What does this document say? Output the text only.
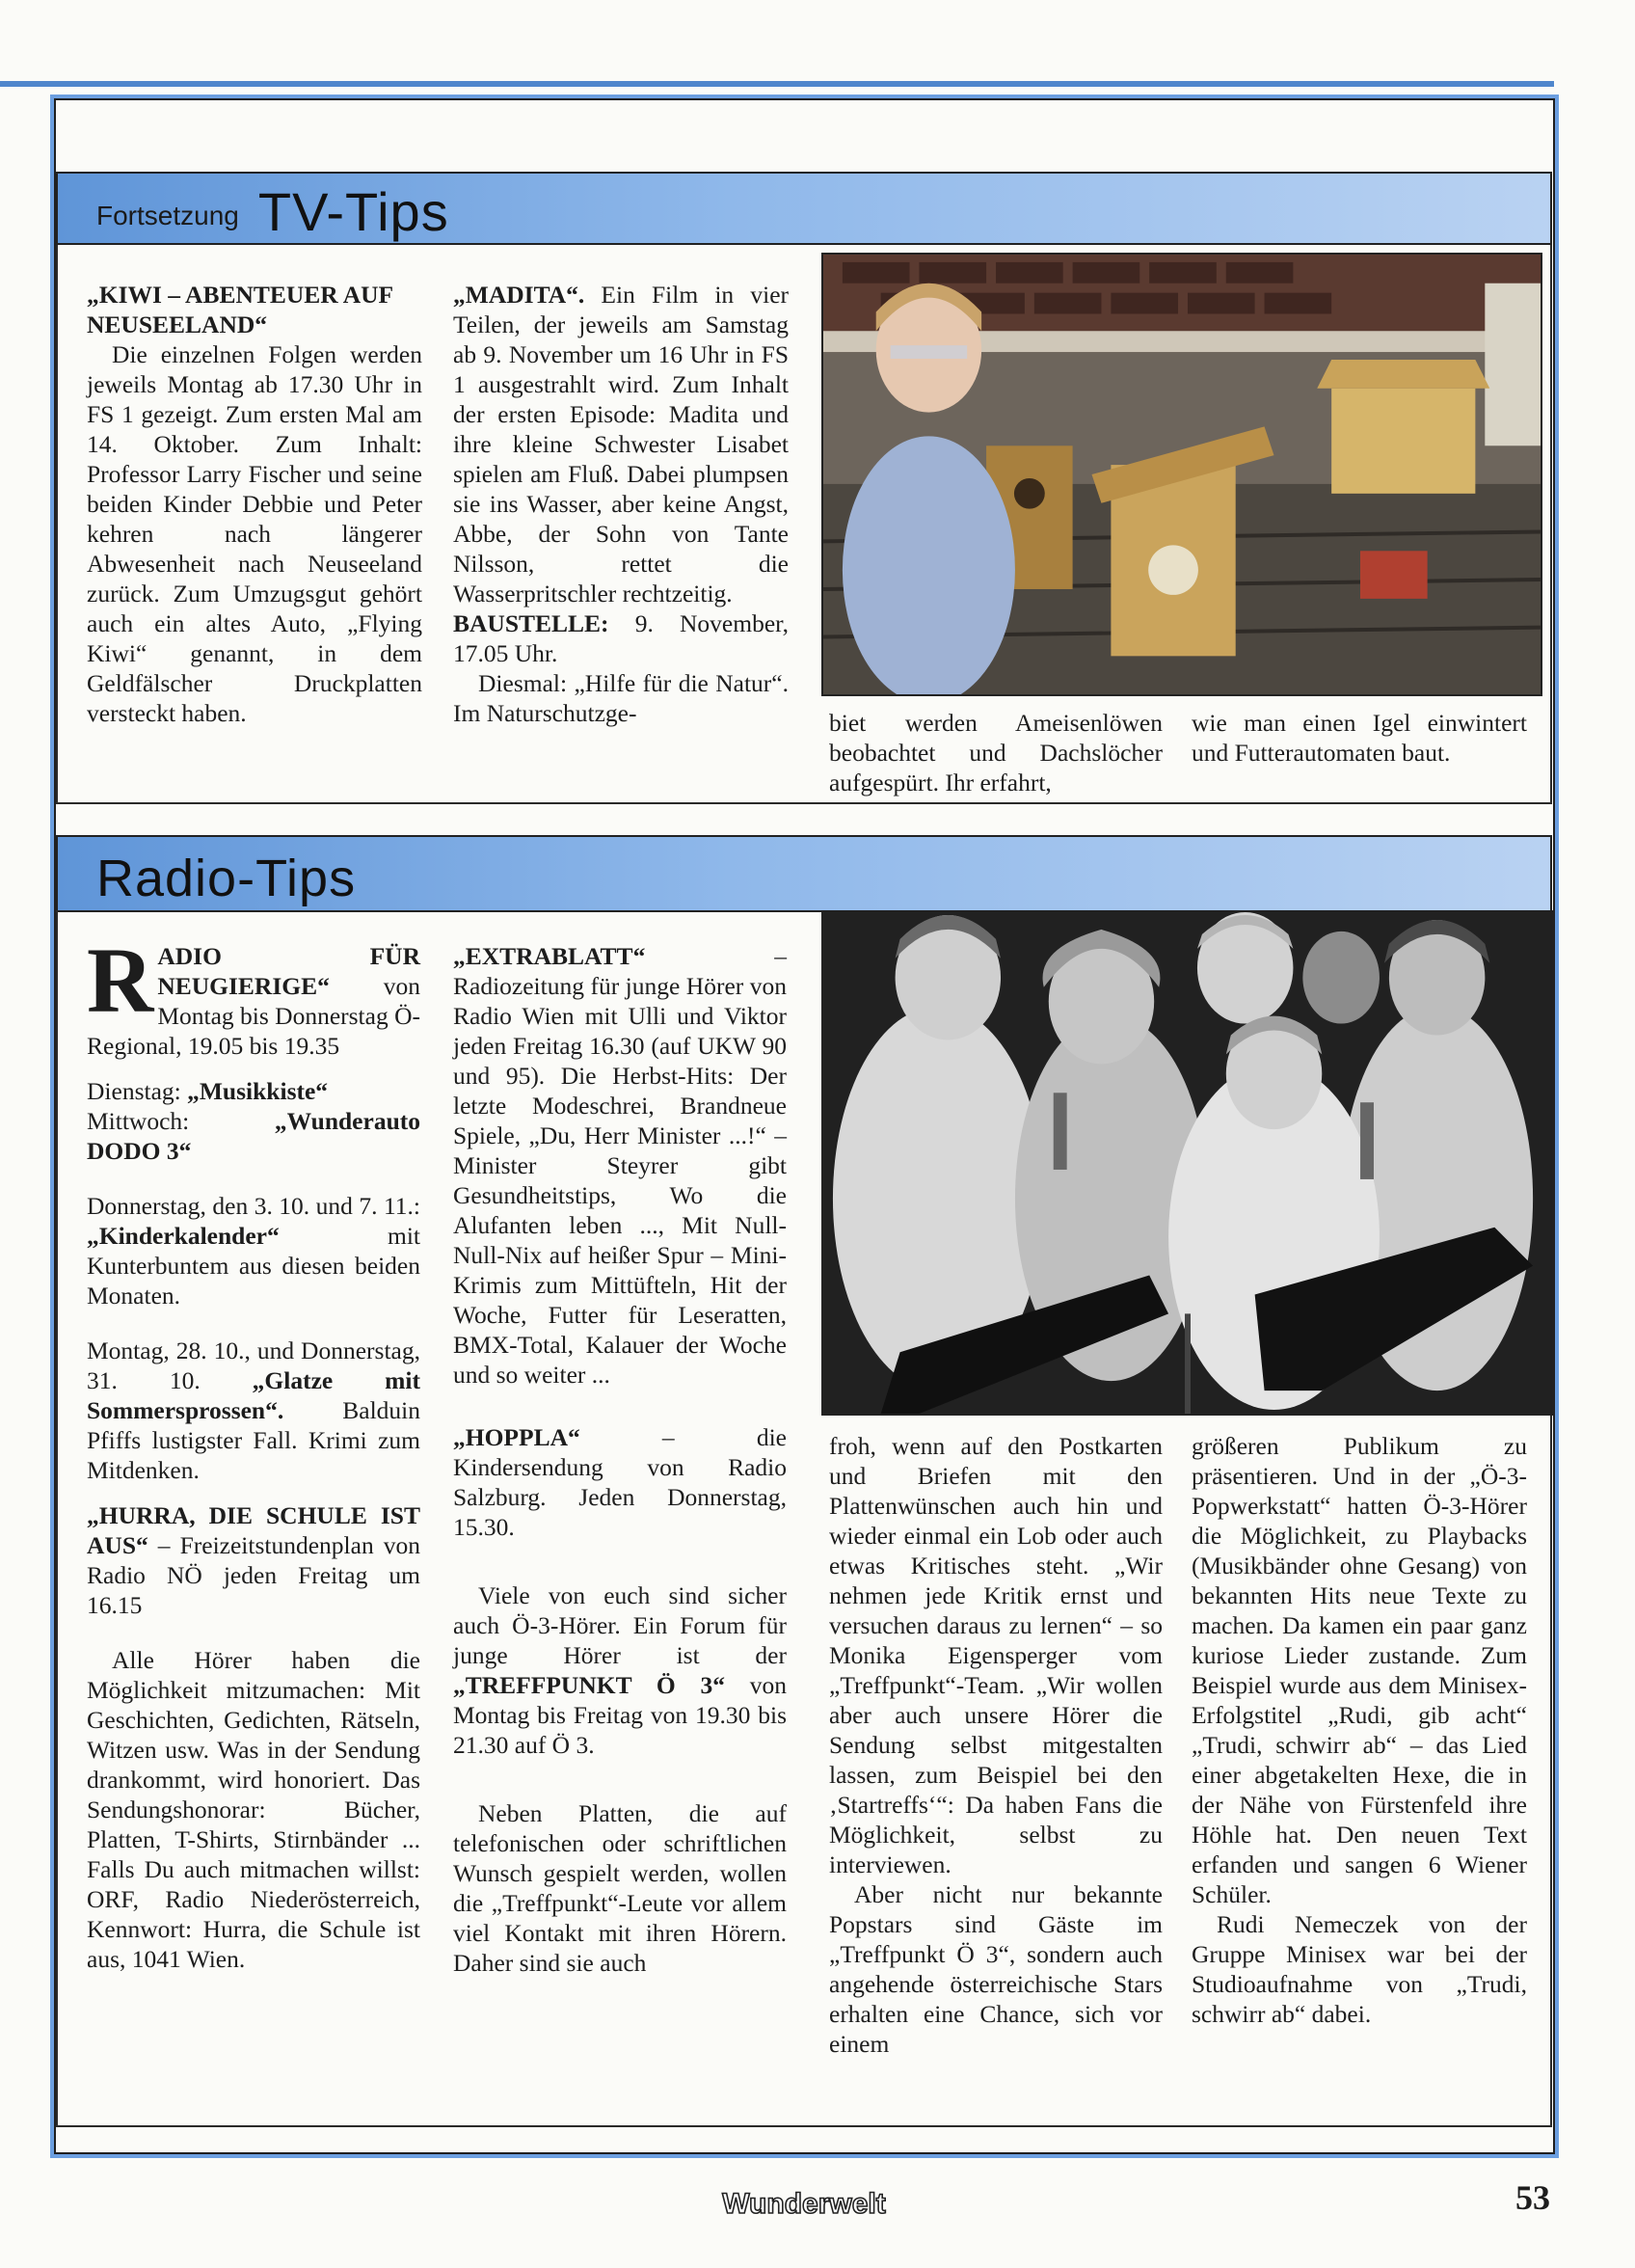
Fortsetzung TV-Tips

„KIWI – ABENTEUER AUF NEUSEELAND“

Die einzelnen Folgen werden jeweils Montag ab 17.30 Uhr in FS 1 gezeigt. Zum ersten Mal am 14. Oktober. Zum Inhalt: Professor Larry Fischer und seine beiden Kinder Debbie und Peter kehren nach längerer Abwesenheit nach Neuseeland zurück. Zum Umzugsgut gehört auch ein altes Auto, „Flying Kiwi“ genannt, in dem Geldfälscher Druckplatten versteckt haben.

„MADITA“. Ein Film in vier Teilen, der jeweils am Samstag ab 9. November um 16 Uhr in FS 1 ausgestrahlt wird. Zum Inhalt der ersten Episode: Madita und ihre kleine Schwester Lisabet spielen am Fluß. Dabei plumpsen sie ins Wasser, aber keine Angst, Abbe, der Sohn von Tante Nilsson, rettet die Wasserpritschler rechtzeitig.

BAUSTELLE: 9. November, 17.05 Uhr.

Diesmal: „Hilfe für die Natur“. Im Naturschutzge-	biet werden Ameisenlöwen beobachtet und Dachslöcher aufgespürt. Ihr erfahrt,

wie man einen Igel einwintert und Futterautomaten baut.

Radio-Tips

RADIO FÜR NEUGIERIGE“ von Montag bis Donnerstag Ö-Regional, 19.05 bis 19.35

Dienstag: „Musikkiste“

Mittwoch: „Wunderauto DODO 3“

Donnerstag, den 3. 10. und 7. 11.: „Kinderkalender“ mit Kunterbuntem aus diesen beiden Monaten.

Montag, 28. 10., und Donnerstag, 31. 10. „Glatze mit Sommersprossen“. Balduin Pfiffs lustigster Fall. Krimi zum Mitdenken.

„HURRA, DIE SCHULE IST AUS“ – Freizeitstundenplan von Radio NÖ jeden Freitag um 16.15

Alle Hörer haben die Möglichkeit mitzumachen: Mit Geschichten, Gedichten, Rätseln, Witzen usw. Was in der Sendung drankommt, wird honoriert. Das Sendungshonorar: Bücher, Platten, T-Shirts, Stirnbänder ... Falls Du auch mitmachen willst: ORF, Radio Niederösterreich, Kennwort: Hurra, die Schule ist aus, 1041 Wien.

„EXTRABLATT“ – Radiozeitung für junge Hörer von Radio Wien mit Ulli und Viktor jeden Freitag 16.30 (auf UKW 90 und 95). Die Herbst-Hits: Der letzte Modeschrei, Brandneue Spiele, „Du, Herr Minister ...!“ – Minister Steyrer gibt Gesundheitstips, Wo die Alufanten leben ..., Mit Null-Null-Nix auf heißer Spur – Mini-Krimis zum Mittüfteln, Hit der Woche, Futter für Leseratten, BMX-Total, Kalauer der Woche und so weiter ...

„HOPPLA“ – die Kindersendung von Radio Salzburg. Jeden Donnerstag, 15.30.

Viele von euch sind sicher auch Ö-3-Hörer. Ein Forum für junge Hörer ist der „TREFFPUNKT Ö 3“ von Montag bis Freitag von 19.30 bis 21.30 auf Ö 3.

Neben Platten, die auf telefonischen oder schriftlichen Wunsch gespielt werden, wollen die „Treffpunkt“-Leute vor allem viel Kontakt mit ihren Hörern. Daher sind sie auch

froh, wenn auf den Postkarten und Briefen mit den Plattenwünschen auch hin und wieder einmal ein Lob oder auch etwas Kritisches steht. „Wir nehmen jede Kritik ernst und versuchen daraus zu lernen“ – so Monika Eigensperger vom „Treffpunkt“-Team. „Wir wollen aber auch unsere Hörer die Sendung selbst mitgestalten lassen, zum Beispiel bei den ‚Startreffs‘“: Da haben Fans die Möglichkeit, selbst zu interviewen.

Aber nicht nur bekannte Popstars sind Gäste im „Treffpunkt Ö 3“, sondern auch angehende österreichische Stars erhalten eine Chance, sich vor einem

größeren Publikum zu präsentieren. Und in der „Ö-3-Popwerkstatt“ hatten Ö-3-Hörer die Möglichkeit, zu Playbacks (Musikbänder ohne Gesang) von bekannten Hits neue Texte zu machen. Da kamen ein paar ganz kuriose Lieder zustande. Zum Beispiel wurde aus dem Minisex-Erfolgstitel „Rudi, gib acht“ „Trudi, schwirr ab“ – das Lied einer abgetakelten Hexe, die in der Nähe von Fürstenfeld ihre Höhle hat. Den neuen Text erfanden und sangen 6 Wiener Schüler.

Rudi Nemeczek von der Gruppe Minisex war bei der Studioaufnahme von „Trudi, schwirr ab“ dabei.

Wunderwelt	53
